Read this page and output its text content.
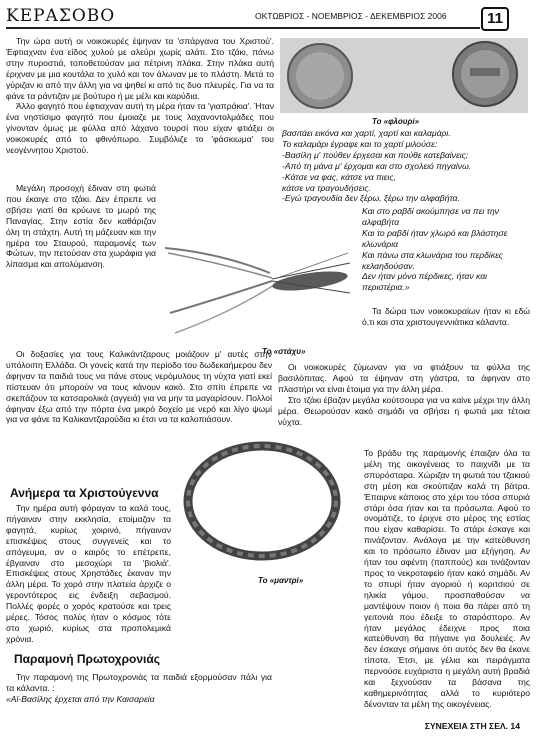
ΚΕΡΑΣΟΒΟ	ΟΚΤΩΒΡΙΟΣ - ΝΟΕΜΒΡΙΟΣ - ΔΕΚΕΜΒΡΙΟΣ 2006	11
Το «φλουρί»
Το «στάχυ»
Το «μαντρί»

Την ώρα αυτή οι νοικοκυρές έψηναν τα 'σπάργανα του Χριστού'. Έφτιαχναν ένα είδος χυλού με αλεύρι χωρίς αλάτι. Στο τζάκι, πάνω στην πυροστιά, τοποθετούσαν μια πέτρινη πλάκα. Στην πλάκα αυτή έριχναν με μια κουτάλα το χυλό και τον άλωναν με το πλάστη. Μετά το γύριζαν κι από την άλλη για να ψηθεί κι από τις δυο πλευρές. Για να τα φάνε τα ράντιζαν με βούτυρο ή με μέλι και καρύδια.

Άλλο φαγητό που έφτιαχναν αυτή τη μέρα ήταν τα 'γιαπράκια'. Ήταν ένα νηστίσιμο φαγητό που έμοιαζε με τους λαχανοντολμάδες που γίνονταν όμως με φύλλα από λάχανο τουρσί που είχαν φτιάξει οι νοικοκυρές από το φθινόπωρο. Συμβόλιζε το 'φάσκιωμα' του νεογέννητου Χριστού.

Μεγάλη προσοχή έδιναν στη φωτιά που έκαιγε στο τζάκι. Δεν έπρεπε να σβήσει γιατί θα κρύωνε το μωρό της Παναγίας. Στην εστία δεν καθάριζαν όλη τη στάχτη. Αυτή τη μάζευαν και την ημέρα του Σταυρού, παραμονές των Φώτων, την πετούσαν στα χωράφια για λίπασμα και απολύμανση.

Οι δοξασίες για τους Καλικάντζαρους μοιάζουν μ' αυτές στην υπόλοιπη Ελλάδα. Οι γονείς κατά την περίοδο του δωδεκαήμερου δεν άφηναν τα παιδιά τους να πάνε στους νερόμυλους τη νύχτα γιατί εκεί πίστευαν ότι μπορούν να τους κάνουν κακό. Στο σπίτι έπρεπε να σκεπάζουν τα κατσαρολικά (αγγειά) για να μην τα μαγαρίσουν. Πολλοί άφηναν έξω από την πόρτα ένα μικρό δοχείο με νερό και λίγο ψωμί για να φάνε τα Καλικαντζαρούδια κι έτσι να τα καλοπιάσουν.

Ανήμερα τα Χριστούγεννα

Την ημέρα αυτή φόραγαν τα καλά τους, πήγαιναν στην εκκλησία, ετοίμαζαν τα φαγητά, κυρίως χοιρινό, πήγαιναν επισκέψεις στους συγγενείς και το απόγευμα, αν ο καιρός το επέτρεπε, έβγαιναν στο μεσοχώρι τα 'βιολιά'. Επισκέψεις στους Χρηστάδες έκαναν την άλλη μέρα. Το χορό στην πλατεία άρχιζε ο γεροντότερος εις ένδειξη σεβασμού. Πολλές φορές ο χορός κρατούσε και τρεις μέρες. Τόσος πολύς ήταν ο κόσμος τότε στο χωριό, κυρίως στα προπολεμικά χρόνια.

Παραμονή Πρωτοχρονιάς

Την παραμονή της Πρωτοχρονιάς τα παιδιά εξορμούσαν πάλι για τα κάλαντα. :

«Αϊ-Βασίλης έρχεται από την Καισαρεία

βασιτάει εικόνα και χαρτί, χαρτί και καλαμάρι.

Το καλαμάρι έγραφε και το χαρτί μιλούσε:

-Βασίλη μ' πούθεν έρχεσαι και πούθε κατεβαίνεις;

-Από τη μάνα μ' έρχομαι και στο σχολειό πηγαίνω.

-Κάτσε να φας, κάτσε να πιεις,

κάτσε να τραγουδήσεις.

-Εγώ τραγουδία δεν ξέρω, ξέρω την αλφαβήτα.

Και στο ραβδί ακούμπησε να πει την αλφαβήτα

Και το ραβδί ήταν χλωρό και βλάστησε κλωνάρια

Και πάνω στα κλωνάρια του περδίκες κελαηδούσαν.

Δεν ήταν μόνο πέρδικες, ήταν και περιστέρια.»

Τα δώρα των νοικοκυραίων ήταν κι εδώ ό,τι και στα χριστουγεννιάτικα κάλαντα.

Οι νοικοκυρές ζύμωναν για να φτιάξουν τα φύλλα της βασιλόπιτας. Αφού τα έψηναν στη γάστρα, τα άφηναν στο πλαστήρι να είναι έτοιμα για την άλλη μέρα.

Στο τζάκι έβαζαν μεγάλα κούτσουρα για να καίνε μέχρι την άλλη μέρα. Θεωρούσαν κακό σημάδι να σβήσει η φωτιά μια τέτοια νύχτα.

Το βράδυ της παραμονής έπαιζαν όλα τα μέλη της οικογένειας το παιχνίδι με τα σπυρόσταρα. Χώριζαν τη φωτιά του τζακιού στη μέση και σκούπιζαν καλά τη βάτρα. Έπαιρνε κάποιος στο χέρι του τόσα σπυριά στάρι όσα ήταν και τα πρόσωπα. Αφού το ονομάτιζε, το έριχνε στο μέρος της εστίας που είχαν καθαρίσει. Το στάρι έσκαγε και πινάζονταν. Ανάλογα με την κατεύθυνση και το πρόσωπο έδιναν μια εξήγηση. Αν ήταν του αφέντη (παππούς) και τινάζονταν προς το νεκροταφείο ήταν κακό σημάδι. Αν το σπυρί ήταν αγοριού ή κοριτσιού σε ηλικία γάμου, προσπαθούσαν να μαντέψουν ποιον ή ποια θα πάρει από τη γειτονιά που έδειξε το σταρόσπορο. Αν ήταν μεγάλος έδειχνε προς ποια κατεύθυνση θα πήγαινε για δουλειές. Αν δεν έσκαγε σήμαινε ότι αυτός δεν θα έκανε τίποτα. Έτσι, με γέλια και πειράγματα περνούσε ευχάριστα η μεγάλη αυτή βραδιά και ξεχνούσαν τα βάσανα της καθημερινότητας αλλά το κυριότερο δένονταν τα μέλη της οικογένειας.

ΣΥΝΕΧΕΙΑ ΣΤΗ ΣΕΛ. 14
